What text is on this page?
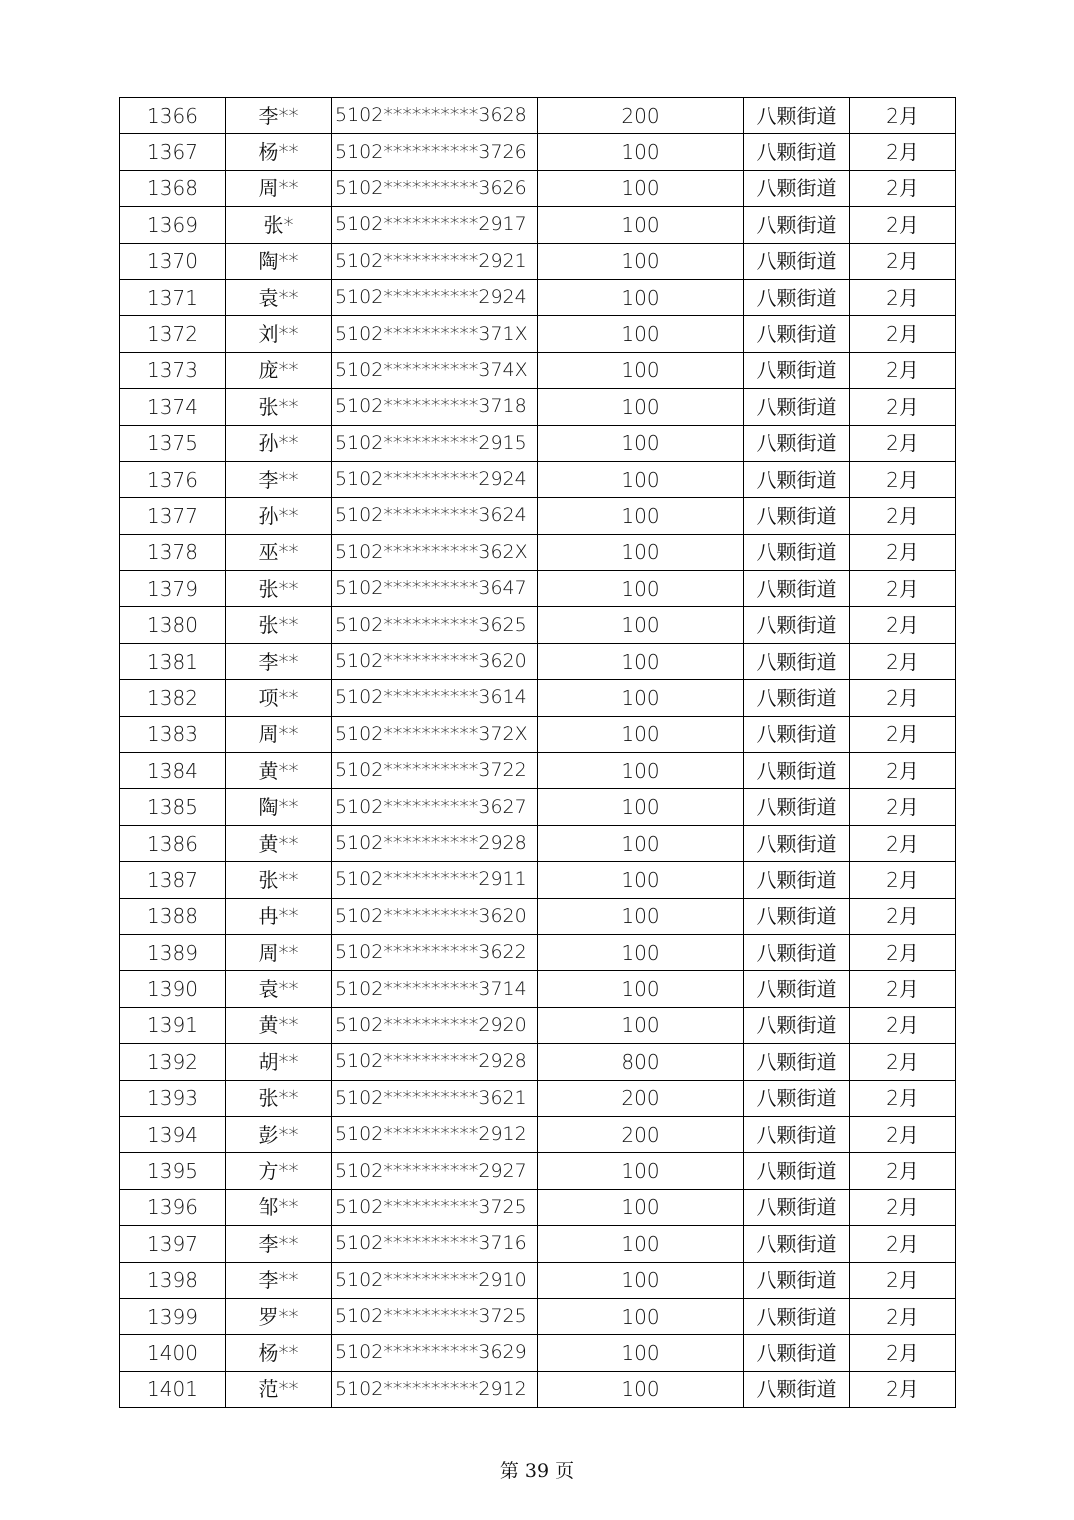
1366	李**	5102**********3628	200	八颗街道	2月
1367	杨**	5102**********3726	100	八颗街道	2月
1368	周**	5102**********3626	100	八颗街道	2月
1369	张*	5102**********2917	100	八颗街道	2月
1370	陶**	5102**********2921	100	八颗街道	2月
1371	袁**	5102**********2924	100	八颗街道	2月
1372	刘**	5102**********371X	100	八颗街道	2月
1373	庞**	5102**********374X	100	八颗街道	2月
1374	张**	5102**********3718	100	八颗街道	2月
1375	孙**	5102**********2915	100	八颗街道	2月
1376	李**	5102**********2924	100	八颗街道	2月
1377	孙**	5102**********3624	100	八颗街道	2月
1378	巫**	5102**********362X	100	八颗街道	2月
1379	张**	5102**********3647	100	八颗街道	2月
1380	张**	5102**********3625	100	八颗街道	2月
1381	李**	5102**********3620	100	八颗街道	2月
1382	项**	5102**********3614	100	八颗街道	2月
1383	周**	5102**********372X	100	八颗街道	2月
1384	黄**	5102**********3722	100	八颗街道	2月
1385	陶**	5102**********3627	100	八颗街道	2月
1386	黄**	5102**********2928	100	八颗街道	2月
1387	张**	5102**********2911	100	八颗街道	2月
1388	冉**	5102**********3620	100	八颗街道	2月
1389	周**	5102**********3622	100	八颗街道	2月
1390	袁**	5102**********3714	100	八颗街道	2月
1391	黄**	5102**********2920	100	八颗街道	2月
1392	胡**	5102**********2928	800	八颗街道	2月
1393	张**	5102**********3621	200	八颗街道	2月
1394	彭**	5102**********2912	200	八颗街道	2月
1395	方**	5102**********2927	100	八颗街道	2月
1396	邹**	5102**********3725	100	八颗街道	2月
1397	李**	5102**********3716	100	八颗街道	2月
1398	李**	5102**********2910	100	八颗街道	2月
1399	罗**	5102**********3725	100	八颗街道	2月
1400	杨**	5102**********3629	100	八颗街道	2月
1401	范**	5102**********2912	100	八颗街道	2月
第 39 页
